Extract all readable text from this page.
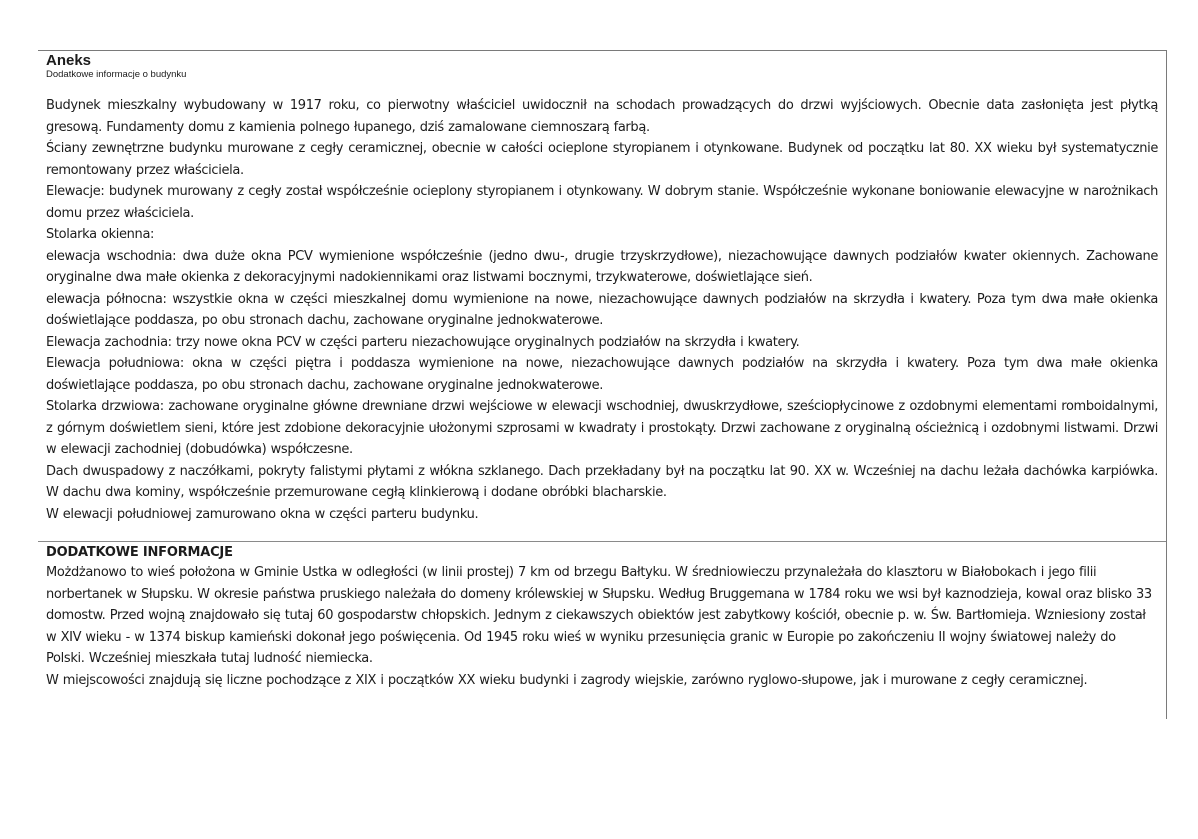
Aneks

Dodatkowe informacje o budynku

Budynek mieszkalny wybudowany w 1917 roku, co pierwotny właściciel uwidocznił na schodach prowadzących do drzwi wyjściowych. Obecnie data zasłonięta jest płytką gresową. Fundamenty domu z kamienia polnego łupanego, dziś zamalowane ciemnoszarą farbą.

Ściany zewnętrzne budynku murowane z cegły ceramicznej, obecnie w całości ocieplone styropianem i otynkowane. Budynek od początku lat 80. XX wieku był systematycznie remontowany przez właściciela.

Elewacje: budynek murowany z cegły został współcześnie ocieplony styropianem i otynkowany. W dobrym stanie. Współcześnie wykonane boniowanie elewacyjne w narożnikach domu przez właściciela.

Stolarka okienna:

elewacja wschodnia: dwa duże okna PCV wymienione współcześnie (jedno dwu-, drugie trzyskrzydłowe), niezachowujące dawnych podziałów kwater okiennych. Zachowane oryginalne dwa małe okienka z dekoracyjnymi nadokiennikami oraz listwami bocznymi, trzykwaterowe, doświetlające sień.

elewacja północna: wszystkie okna w części mieszkalnej domu wymienione na nowe, niezachowujące dawnych podziałów na skrzydła i kwatery. Poza tym dwa małe okienka doświetlające poddasza, po obu stronach dachu, zachowane oryginalne jednokwaterowe.

Elewacja zachodnia: trzy nowe okna PCV w części parteru niezachowujące oryginalnych podziałów na skrzydła i kwatery.

Elewacja południowa: okna w części piętra i poddasza wymienione na nowe, niezachowujące dawnych podziałów na skrzydła i kwatery. Poza tym dwa małe okienka doświetlające poddasza, po obu stronach dachu, zachowane oryginalne jednokwaterowe.

Stolarka drzwiowa: zachowane oryginalne główne drewniane drzwi wejściowe w elewacji wschodniej, dwuskrzydłowe, sześciopłycinowe z ozdobnymi elementami romboidalnymi, z górnym doświetlem sieni, które jest zdobione dekoracyjnie ułożonymi szprosami w kwadraty i prostokąty. Drzwi zachowane z oryginalną ościeżnicą i ozdobnymi listwami. Drzwi w elewacji zachodniej (dobudówka) współczesne.

Dach dwuspadowy z naczółkami, pokryty falistymi płytami z włókna szklanego. Dach przekładany był na początku lat 90. XX w. Wcześniej na dachu leżała dachówka karpiówka. W dachu dwa kominy, współcześnie przemurowane cegłą klinkierową i dodane obróbki blacharskie.

W elewacji południowej zamurowano okna w części parteru budynku.

DODATKOWE INFORMACJE

Możdżanowo to wieś położona w Gminie Ustka w odległości (w linii prostej) 7 km od brzegu Bałtyku. W średniowieczu przynależała do klasztoru w Białobokach i jego filii norbertanek w Słupsku. W okresie państwa pruskiego należała do domeny królewskiej w Słupsku. Według Bruggemana w 1784 roku we wsi był kaznodzieja, kowal oraz blisko 33 domostw. Przed wojną znajdowało się tutaj 60 gospodarstw chłopskich. Jednym z ciekawszych obiektów jest zabytkowy kościół, obecnie p. w. Św. Bartłomieja. Wzniesiony został w XIV wieku - w 1374 biskup kamieński dokonał jego poświęcenia. Od 1945 roku wieś w wyniku przesunięcia granic w Europie po zakończeniu II wojny światowej należy do Polski. Wcześniej mieszkała tutaj ludność niemiecka.

W miejscowości znajdują się liczne pochodzące z XIX i początków XX wieku budynki i zagrody wiejskie, zarówno ryglowo-słupowe, jak i murowane z cegły ceramicznej.
